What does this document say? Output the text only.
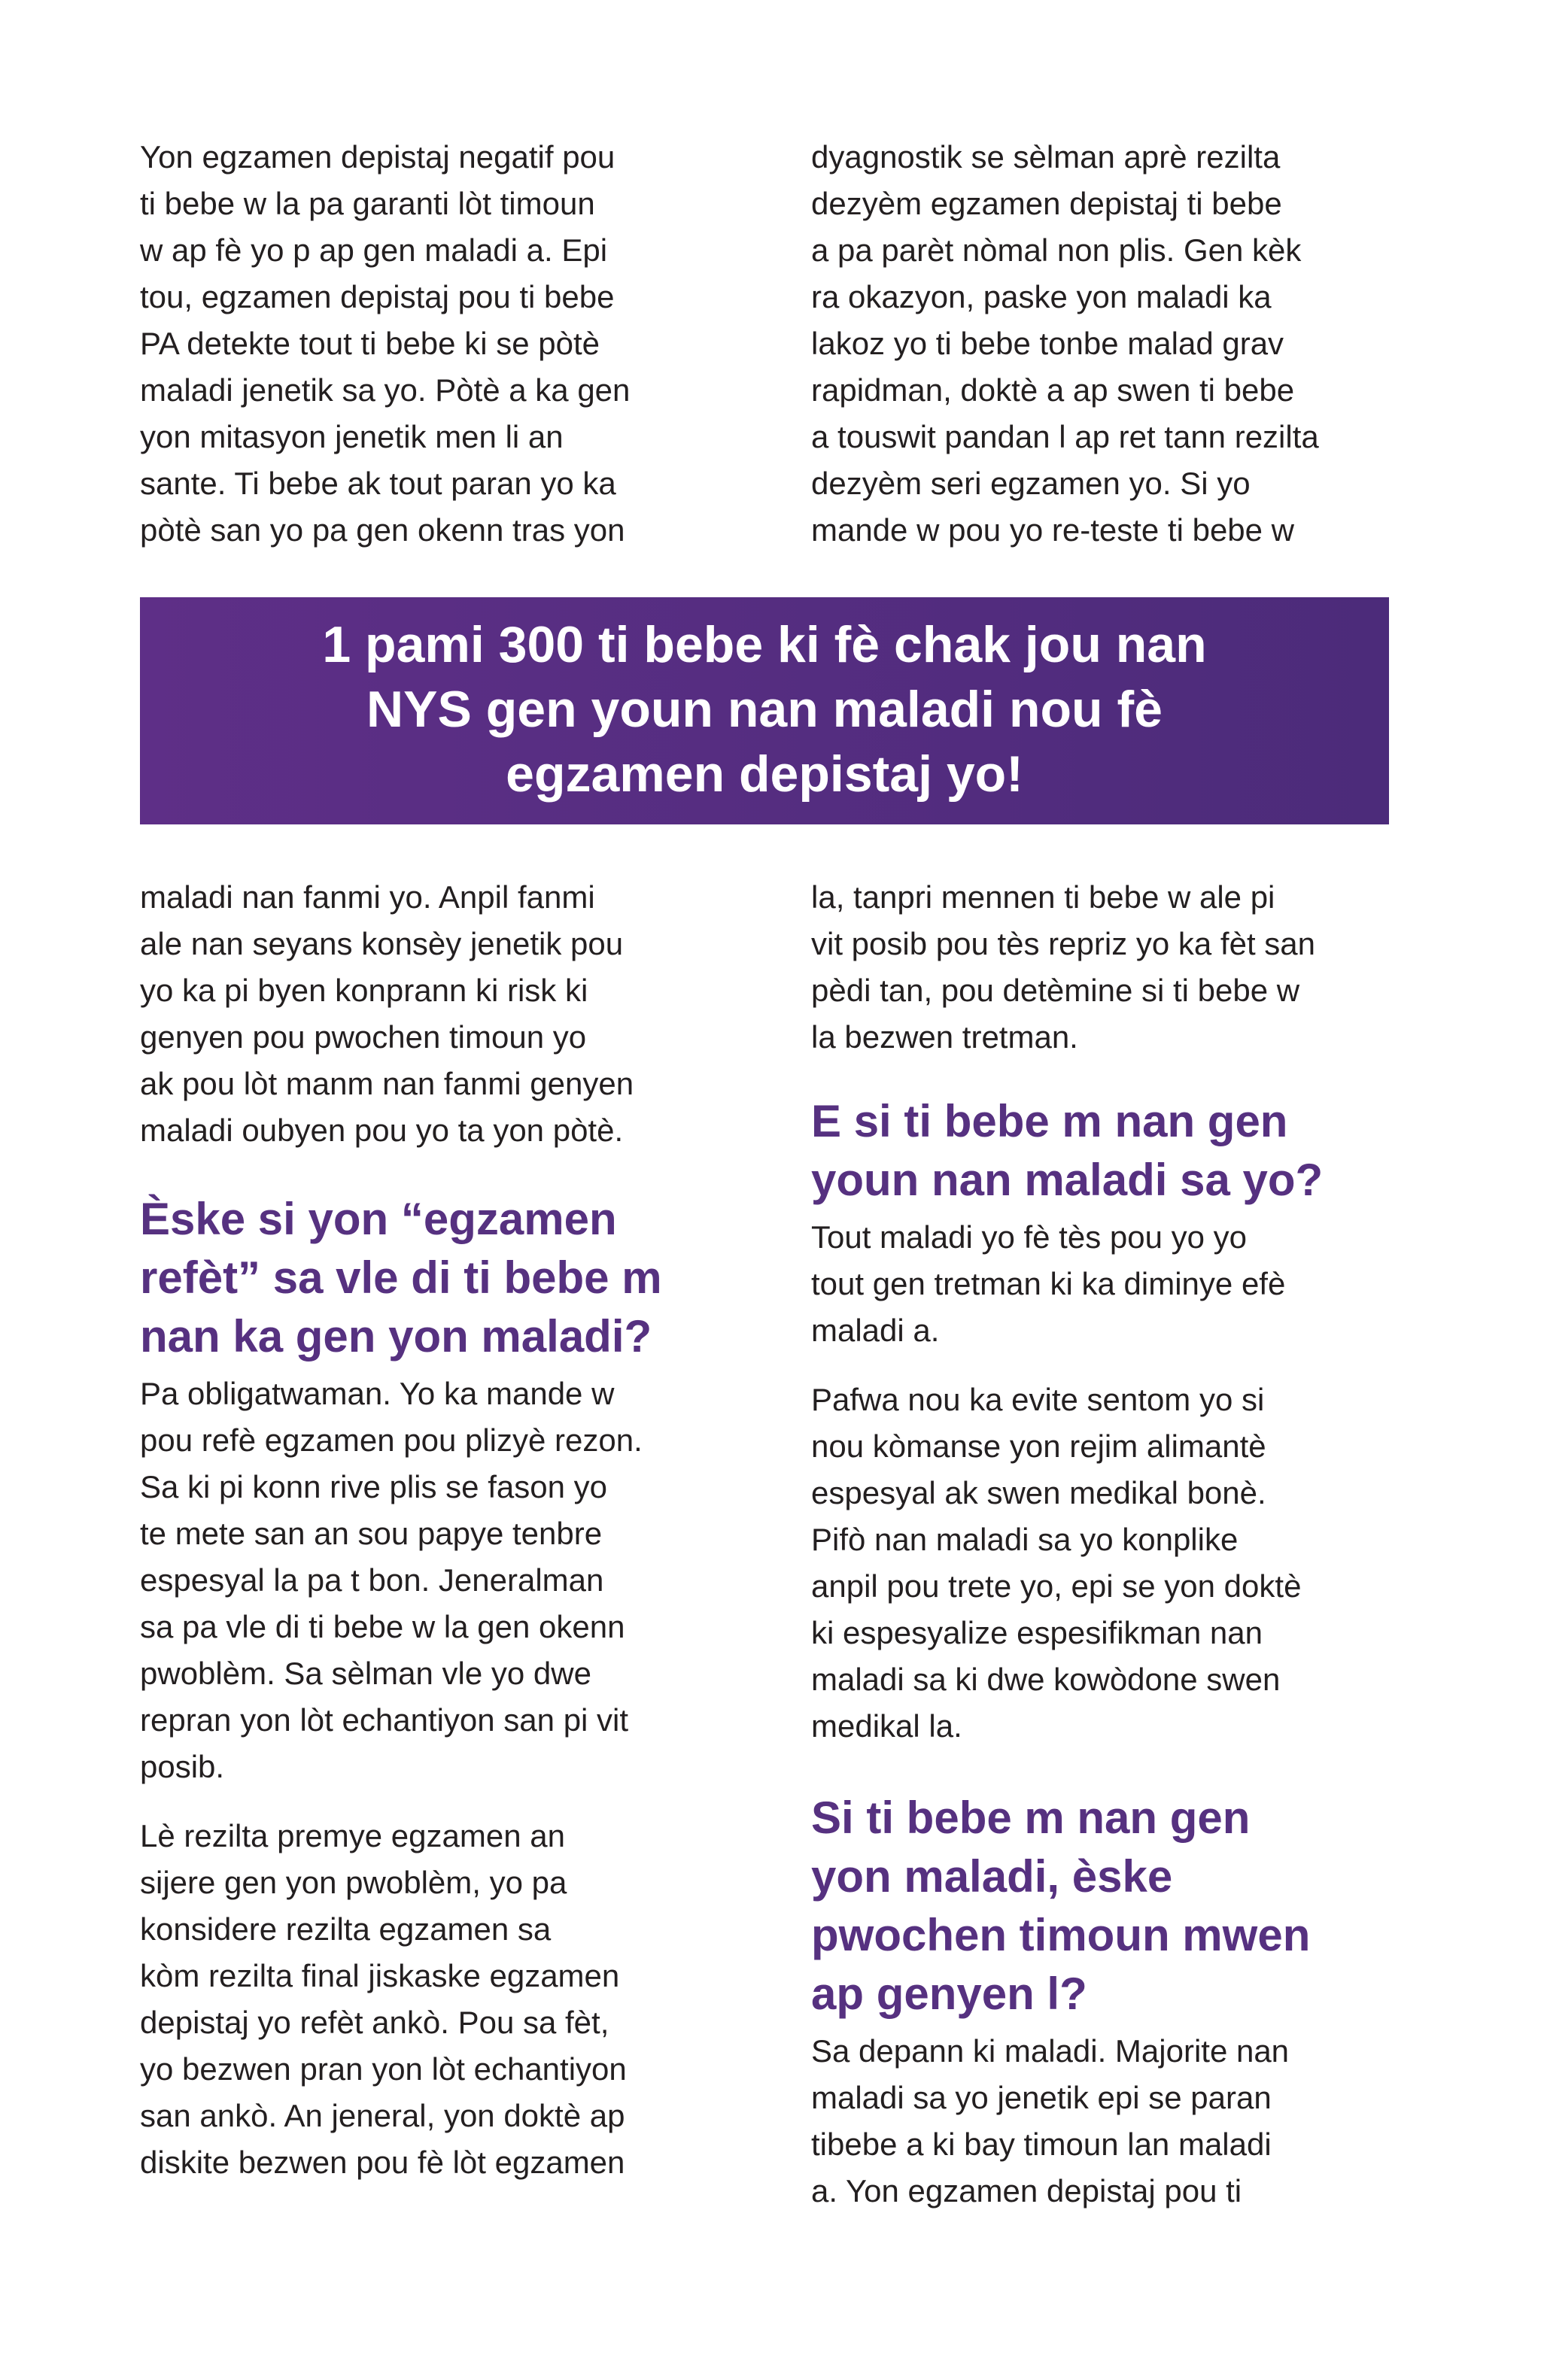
Yon egzamen depistaj negatif pou
ti bebe w la pa garanti lòt timoun
w ap fè yo p ap gen maladi a. Epi
tou, egzamen depistaj pou ti bebe
PA detekte tout ti bebe ki se pòtè
maladi jenetik sa yo. Pòtè a ka gen
yon mitasyon jenetik men li an
sante. Ti bebe ak tout paran yo ka
pòtè san yo pa gen okenn tras yon

dyagnostik se sèlman aprè rezilta
dezyèm egzamen depistaj ti bebe
a pa parèt nòmal non plis. Gen kèk
ra okazyon, paske yon maladi ka
lakoz yo ti bebe tonbe malad grav
rapidman, doktè a ap swen ti bebe
a touswit pandan l ap ret tann rezilta
dezyèm seri egzamen yo. Si yo
mande w pou yo re-teste ti bebe w

1 pami 300 ti bebe ki fè chak jou nan
NYS gen youn nan maladi nou fè
egzamen depistaj yo!

maladi nan fanmi yo. Anpil fanmi
ale nan seyans konsèy jenetik pou
yo ka pi byen konprann ki risk ki
genyen pou pwochen timoun yo
ak pou lòt manm nan fanmi genyen
maladi oubyen pou yo ta yon pòtè.

Èske si yon “egzamen
refèt” sa vle di ti bebe m
nan ka gen yon maladi?

Pa obligatwaman. Yo ka mande w
pou refè egzamen pou plizyè rezon.
Sa ki pi konn rive plis se fason yo
te mete san an sou papye tenbre
espesyal la pa t bon. Jeneralman
sa pa vle di ti bebe w la gen okenn
pwoblèm. Sa sèlman vle yo dwe
repran yon lòt echantiyon san pi vit
posib.

Lè rezilta premye egzamen an
sijere gen yon pwoblèm, yo pa
konsidere rezilta egzamen sa
kòm rezilta final jiskaske egzamen
depistaj yo refèt ankò. Pou sa fèt,
yo bezwen pran yon lòt echantiyon
san ankò. An jeneral, yon doktè ap
diskite bezwen pou fè lòt egzamen

la, tanpri mennen ti bebe w ale pi
vit posib pou tès repriz yo ka fèt san
pèdi tan, pou detèmine si ti bebe w
la bezwen tretman.

E si ti bebe m nan gen
youn nan maladi sa yo?

Tout maladi yo fè tès pou yo yo
tout gen tretman ki ka diminye efè
maladi a.

Pafwa nou ka evite sentom yo si
nou kòmanse yon rejim alimantè
espesyal ak swen medikal bonè.
Pifò nan maladi sa yo konplike
anpil pou trete yo, epi se yon doktè
ki espesyalize espesifikman nan
maladi sa ki dwe kowòdone swen
medikal la.

Si ti bebe m nan gen
yon maladi, èske
pwochen timoun mwen
ap genyen l?

Sa depann ki maladi. Majorite nan
maladi sa yo jenetik epi se paran
tibebe a ki bay timoun lan maladi
a. Yon egzamen depistaj pou ti
